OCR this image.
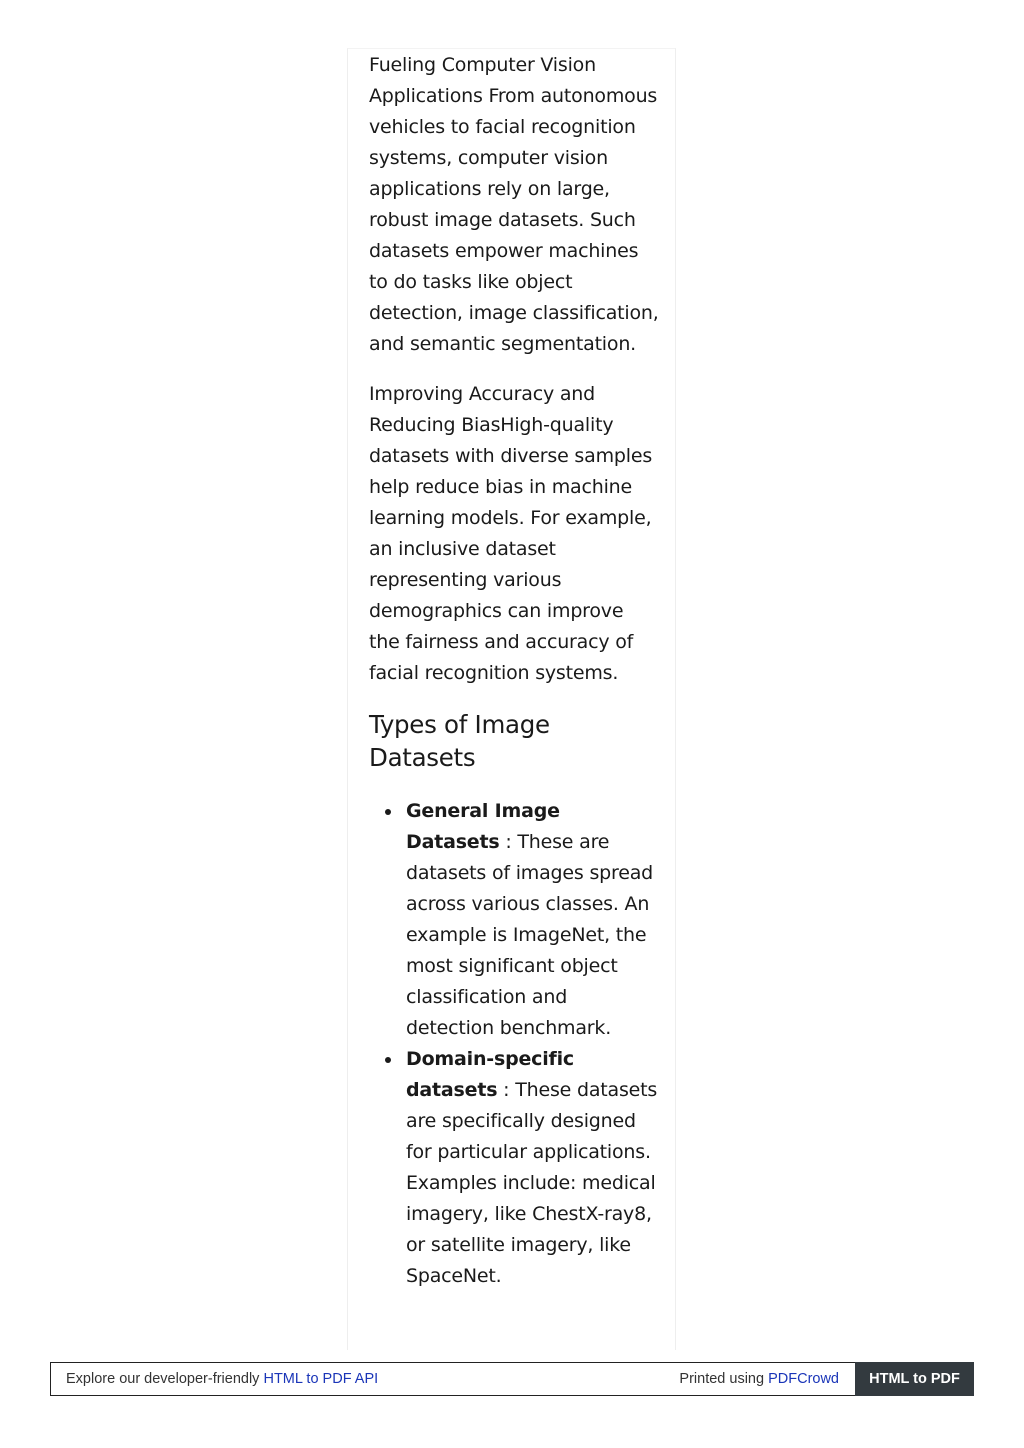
Fueling Computer Vision Applications From autonomous vehicles to facial recognition systems, computer vision applications rely on large, robust image datasets. Such datasets empower machines to do tasks like object detection, image classification, and semantic segmentation.

Improving Accuracy and Reducing BiasHigh-quality datasets with diverse samples help reduce bias in machine learning models. For example, an inclusive dataset representing various demographics can improve the fairness and accuracy of facial recognition systems.

Types of Image Datasets
General Image Datasets : These are datasets of images spread across various classes. An example is ImageNet, the most significant object classification and detection benchmark.
Domain-specific datasets : These datasets are specifically designed for particular applications. Examples include: medical imagery, like ChestX-ray8, or satellite imagery, like SpaceNet.
Explore our developer-friendly HTML to PDF API	Printed using PDFCrowd	HTML to PDF
